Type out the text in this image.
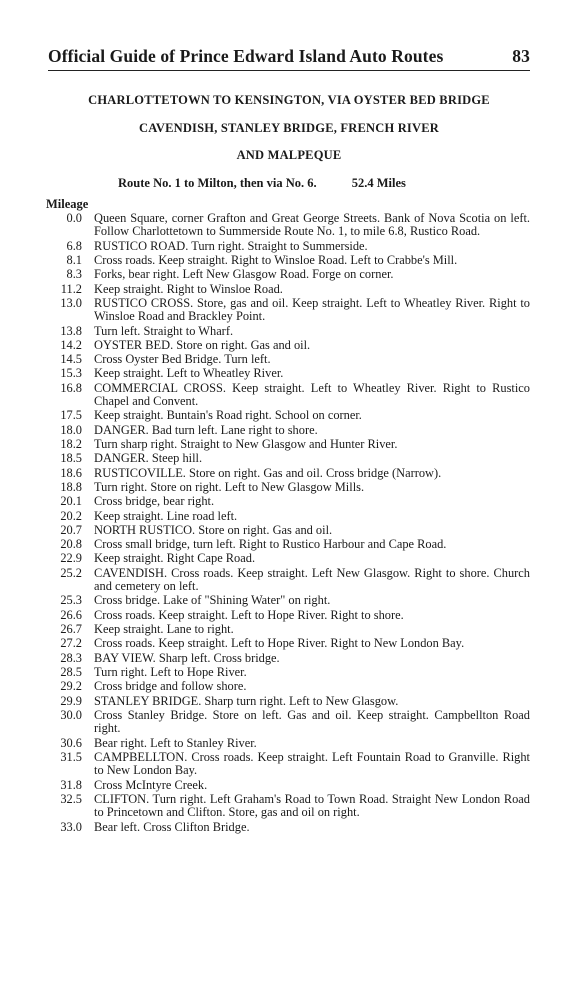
Official Guide of Prince Edward Island Auto Routes	83
CHARLOTTETOWN TO KENSINGTON, VIA OYSTER BED BRIDGE
CAVENDISH, STANLEY BRIDGE, FRENCH RIVER
AND MALPEQUE
Route No. 1 to Milton, then via No. 6.	52.4 Miles
Mileage
0.0 Queen Square, corner Grafton and Great George Streets. Bank of Nova Scotia on left. Follow Charlottetown to Summerside Route No. 1, to mile 6.8, Rustico Road.
6.8 RUSTICO ROAD. Turn right. Straight to Summerside.
8.1 Cross roads. Keep straight. Right to Winsloe Road. Left to Crabbe's Mill.
8.3 Forks, bear right. Left New Glasgow Road. Forge on corner.
11.2 Keep straight. Right to Winsloe Road.
13.0 RUSTICO CROSS. Store, gas and oil. Keep straight. Left to Wheatley River. Right to Winsloe Road and Brackley Point.
13.8 Turn left. Straight to Wharf.
14.2 OYSTER BED. Store on right. Gas and oil.
14.5 Cross Oyster Bed Bridge. Turn left.
15.3 Keep straight. Left to Wheatley River.
16.8 COMMERCIAL CROSS. Keep straight. Left to Wheatley River. Right to Rustico Chapel and Convent.
17.5 Keep straight. Buntain's Road right. School on corner.
18.0 DANGER. Bad turn left. Lane right to shore.
18.2 Turn sharp right. Straight to New Glasgow and Hunter River.
18.5 DANGER. Steep hill.
18.6 RUSTICOVILLE. Store on right. Gas and oil. Cross bridge (Narrow).
18.8 Turn right. Store on right. Left to New Glasgow Mills.
20.1 Cross bridge, bear right.
20.2 Keep straight. Line road left.
20.7 NORTH RUSTICO. Store on right. Gas and oil.
20.8 Cross small bridge, turn left. Right to Rustico Harbour and Cape Road.
22.9 Keep straight. Right Cape Road.
25.2 CAVENDISH. Cross roads. Keep straight. Left New Glasgow. Right to shore. Church and cemetery on left.
25.3 Cross bridge. Lake of "Shining Water" on right.
26.6 Cross roads. Keep straight. Left to Hope River. Right to shore.
26.7 Keep straight. Lane to right.
27.2 Cross roads. Keep straight. Left to Hope River. Right to New London Bay.
28.3 BAY VIEW. Sharp left. Cross bridge.
28.5 Turn right. Left to Hope River.
29.2 Cross bridge and follow shore.
29.9 STANLEY BRIDGE. Sharp turn right. Left to New Glasgow.
30.0 Cross Stanley Bridge. Store on left. Gas and oil. Keep straight. Campbellton Road right.
30.6 Bear right. Left to Stanley River.
31.5 CAMPBELLTON. Cross roads. Keep straight. Left Fountain Road to Granville. Right to New London Bay.
31.8 Cross McIntyre Creek.
32.5 CLIFTON. Turn right. Left Graham's Road to Town Road. Straight New London Road to Princetown and Clifton. Store, gas and oil on right.
33.0 Bear left. Cross Clifton Bridge.
